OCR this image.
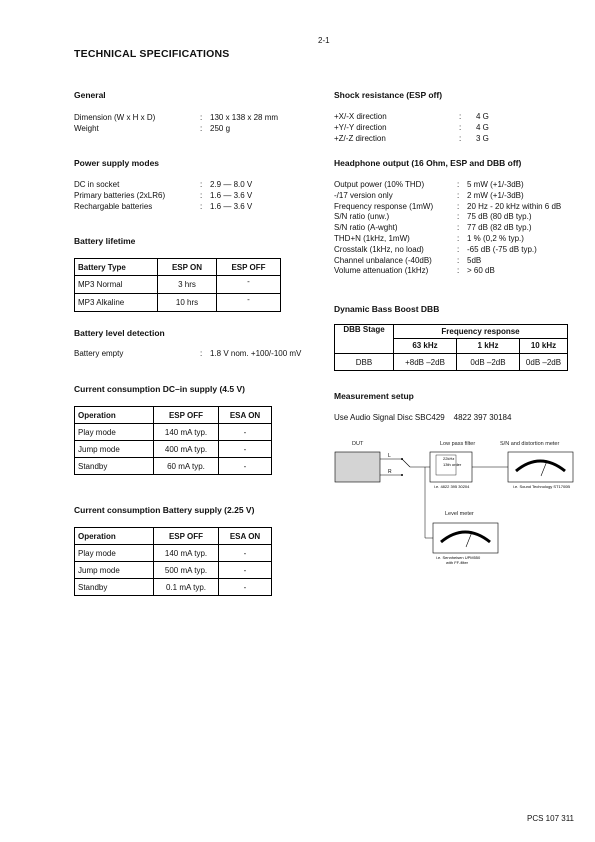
2-1
TECHNICAL SPECIFICATIONS
General
Dimension (W x H x D)	: 130 x 138 x 28 mm
Weight	: 250 g
Power supply modes
DC in socket	: 2.9 — 8.0 V
Primary batteries (2xLR6)	: 1.6 — 3.6 V
Rechargable batteries	: 1.6 — 3.6 V
Battery lifetime
Battery Type	ESP ON	ESP OFF
MP3 Normal	3 hrs	-
MP3 Alkaline	10 hrs	-
Battery level detection
Battery empty	: 1.8 V nom. +100/-100 mV
Current consumption DC–in supply (4.5 V)
Operation	ESP OFF	ESA ON
Play mode	140 mA typ.	-
Jump mode	400 mA typ.	-
Standby	60 mA typ.	-
Current consumption Battery supply (2.25 V)
Operation	ESP OFF	ESA ON
Play mode	140 mA typ.	-
Jump mode	500 mA typ.	-
Standby	0.1 mA typ.	-
Shock resistance (ESP off)
+X/-X direction	:	4 G
+Y/-Y direction	:	4 G
+Z/-Z direction	:	3 G
Headphone output (16 Ohm, ESP and DBB off)
Output power (10% THD)	: 5 mW (+1/-3dB)
-/17 version only	: 2 mW (+1/-3dB)
Frequency response (1mW)	: 20 Hz - 20 kHz within 6 dB
S/N ratio (unw.)	: 75 dB (80 dB typ.)
S/N ratio (A-wght)	: 77 dB (82 dB typ.)
THD+N (1kHz, 1mW)	: 1 % (0,2 % typ.)
Crosstalk (1kHz, no load)	: -65 dB (-75 dB typ.)
Channel unbalance (-40dB)	: 5dB
Volume attenuation (1kHz)	: > 60 dB
Dynamic Bass Boost DBB
DBB Stage	Frequency response		
	63 kHz	1 kHz	10 kHz
DBB	+8dB –2dB	0dB –2dB	0dB –2dB
Measurement setup
Use Audio Signal Disc SBC429    4822 397 30184
DUT
L
R
Low pass filter
22kHz
13th order
i.e. 4822 395 30204
S/N and distortion meter
i.e. Sound Technology ST1700B
Level meter
i.e. Sennheisen UPM550
with FF-filter
PCS 107 311
